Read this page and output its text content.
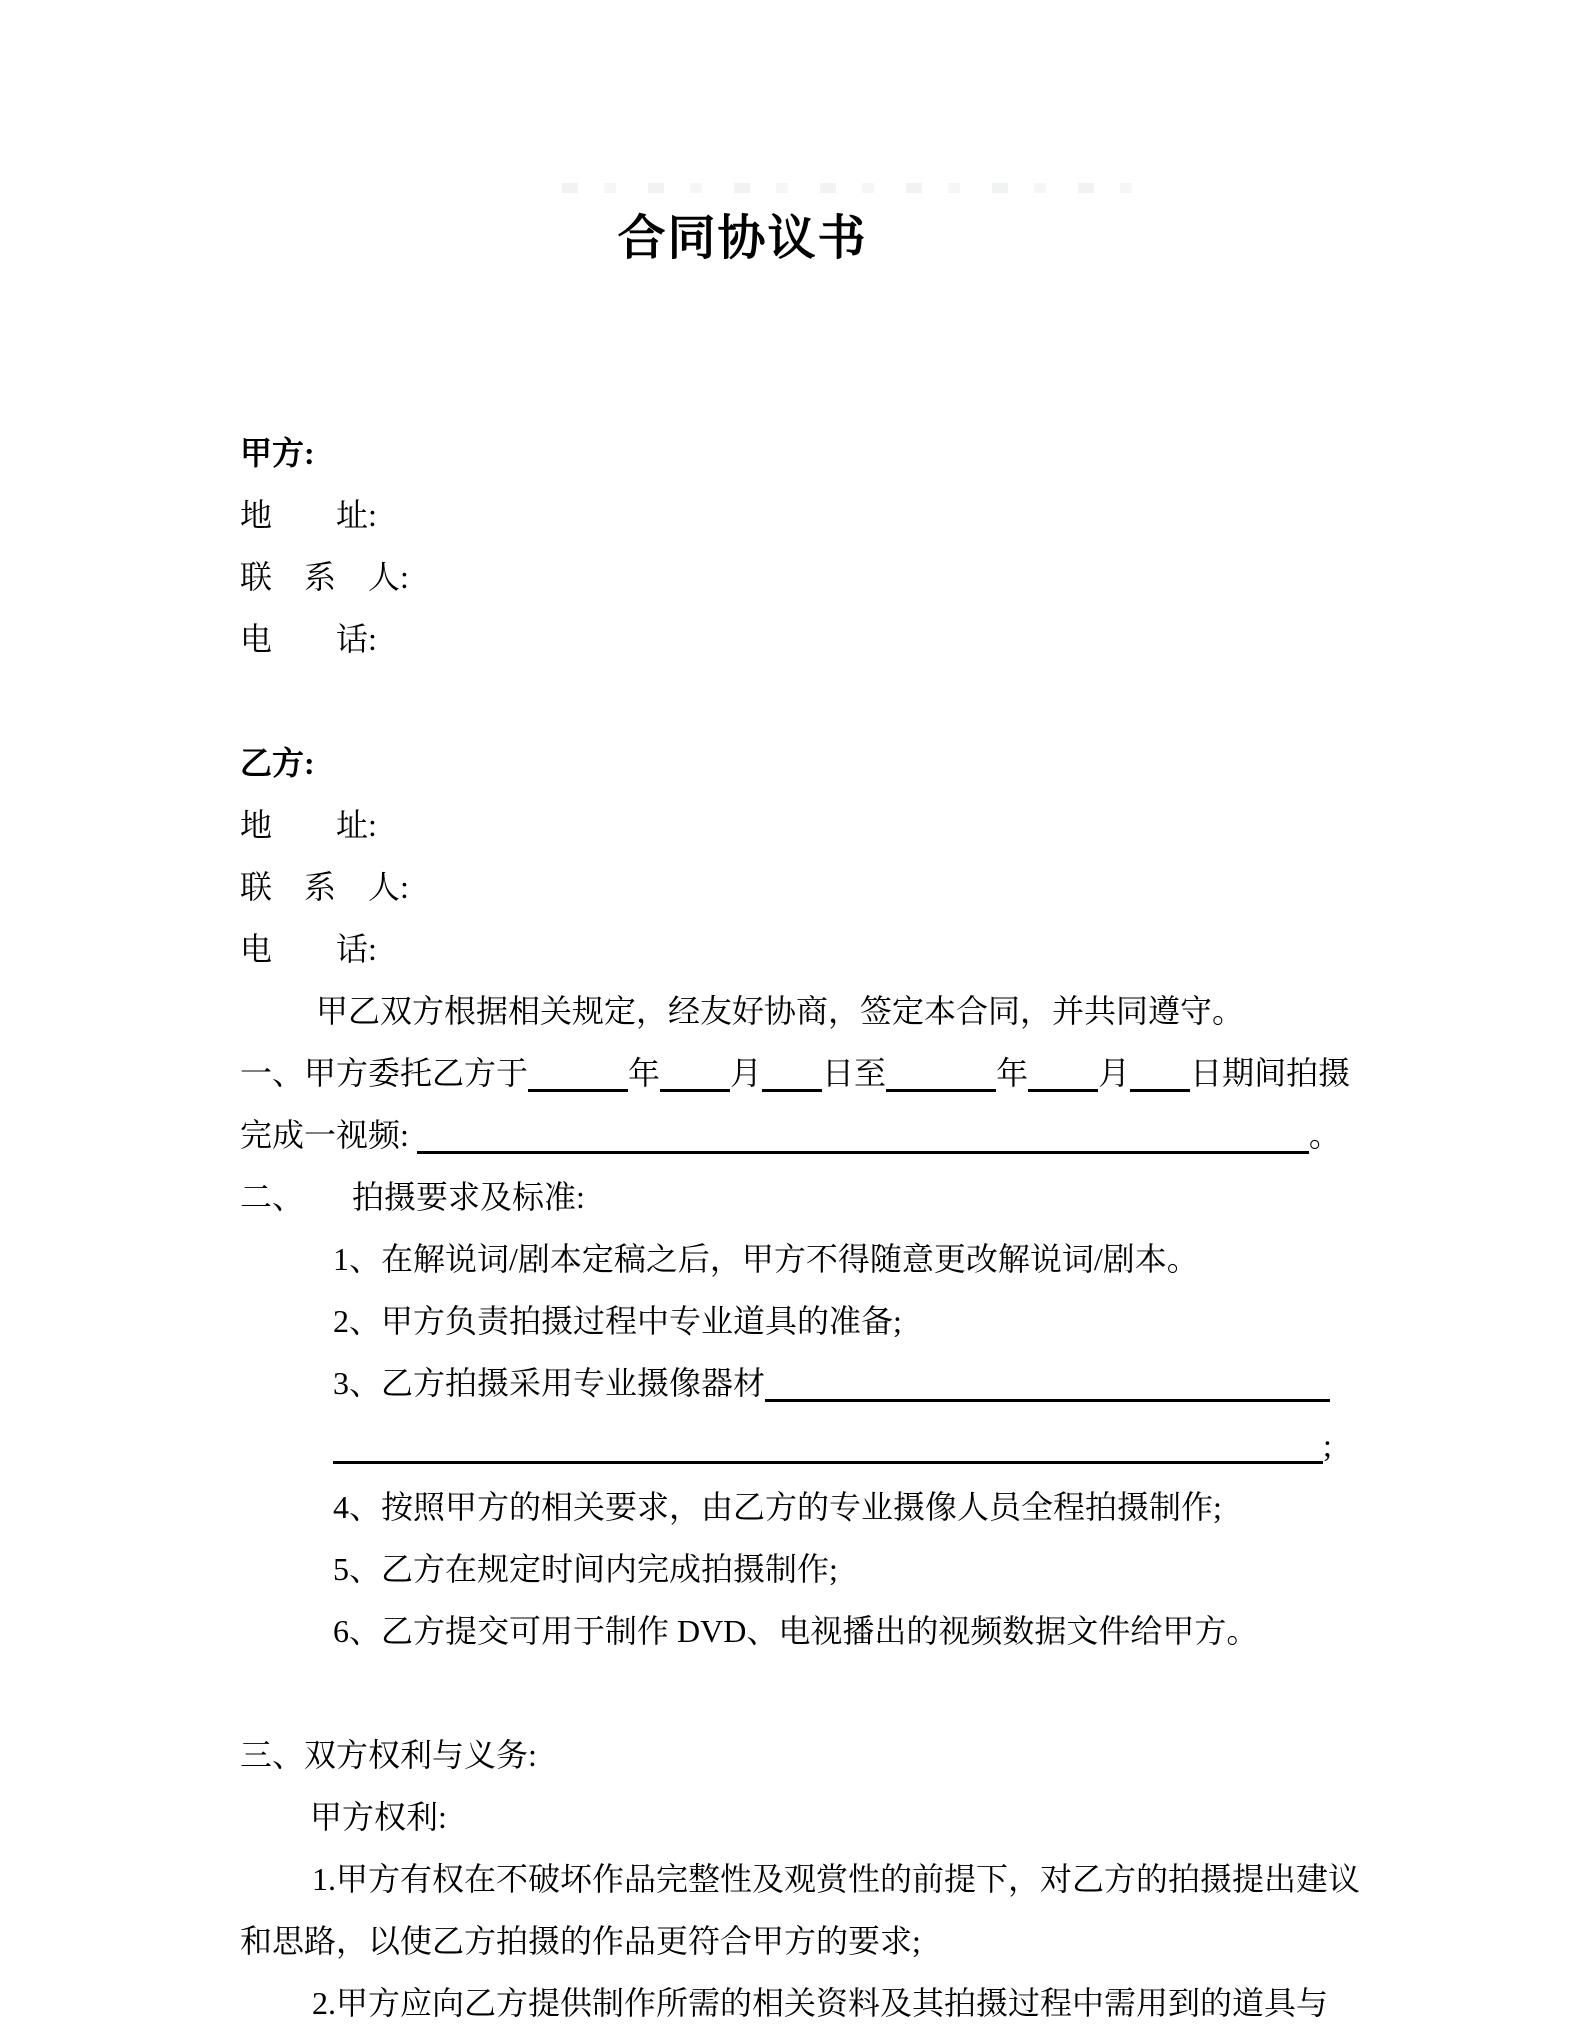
合同协议书
甲方:
地　　址:
联　系　人:
电　　话:
乙方:
地　　址:
联　系　人:
电　　话:
甲乙双方根据相关规定，经友好协商，签定本合同，并共同遵守。
一、甲方委托乙方于	年 月 日至	年 月 日期间拍摄
完成一视频:	。
二、 拍摄要求及标准:
1、在解说词/剧本定稿之后，甲方不得随意更改解说词/剧本。
2、甲方负责拍摄过程中专业道具的准备;
3、乙方拍摄采用专业摄像器材
;
4、按照甲方的相关要求，由乙方的专业摄像人员全程拍摄制作;
5、乙方在规定时间内完成拍摄制作;
6、乙方提交可用于制作 DVD、电视播出的视频数据文件给甲方。
三、双方权利与义务:
甲方权利:
1.甲方有权在不破坏作品完整性及观赏性的前提下，对乙方的拍摄提出建议
和思路，以使乙方拍摄的作品更符合甲方的要求;
2.甲方应向乙方提供制作所需的相关资料及其拍摄过程中需用到的道具与
